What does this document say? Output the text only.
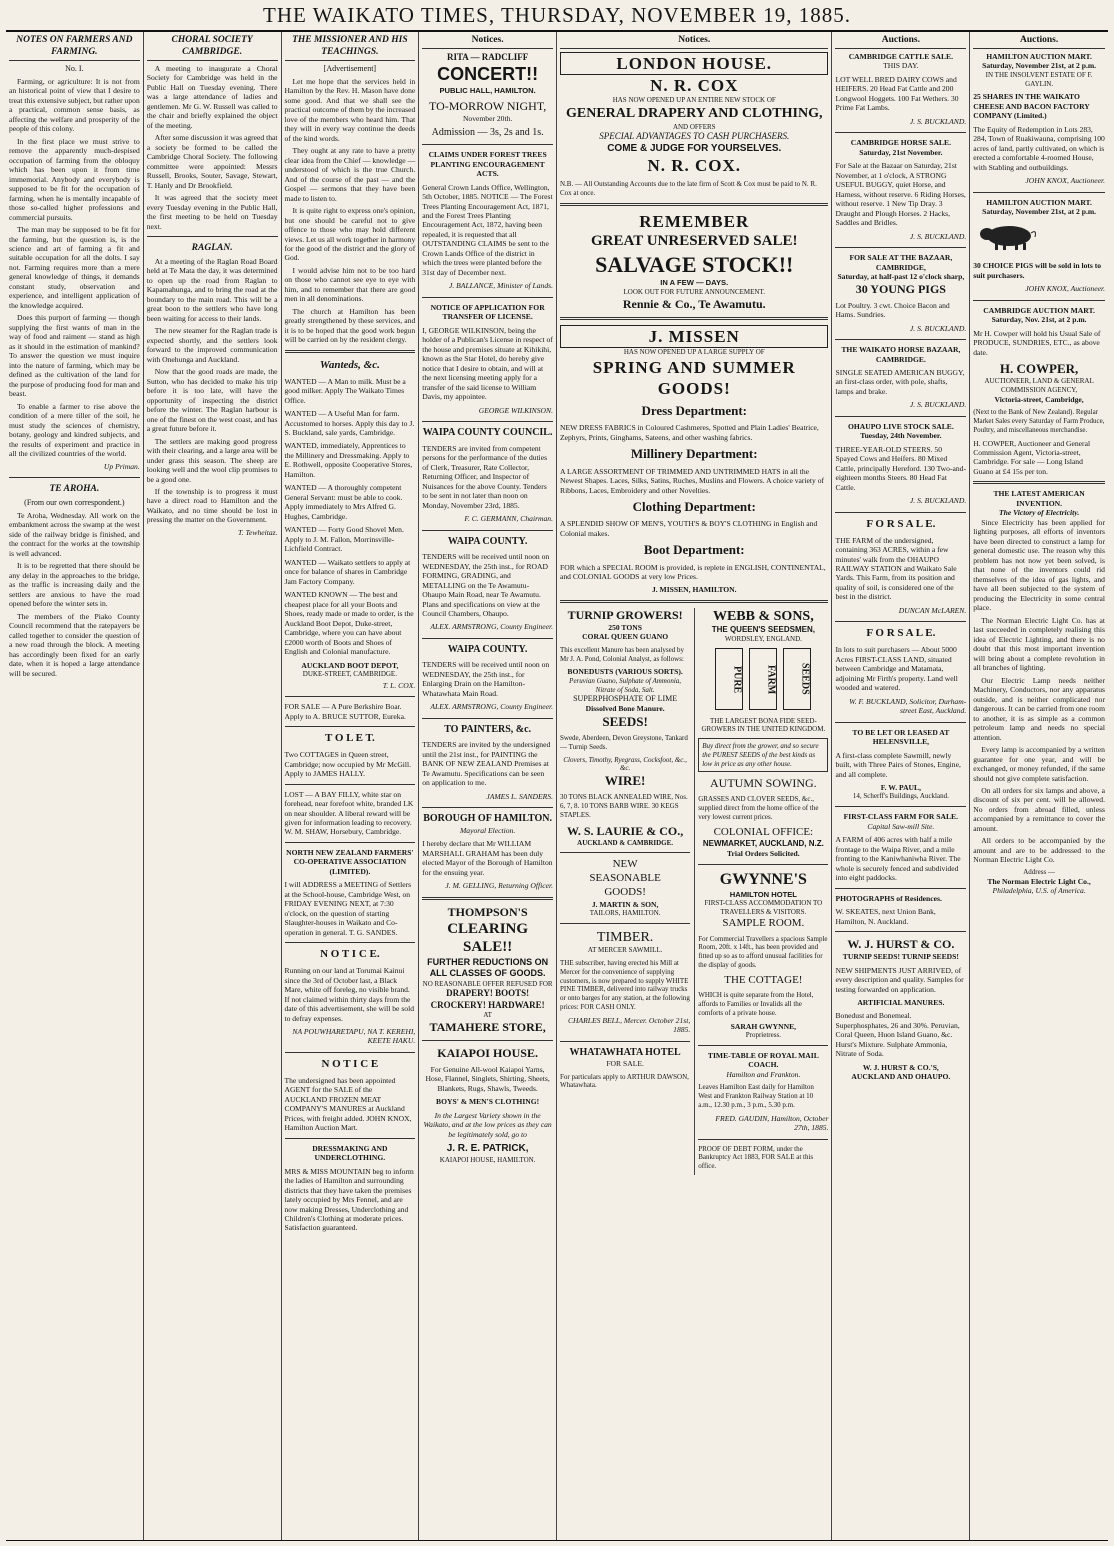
THE WAIKATO TIMES, THURSDAY, NOVEMBER 19, 1885.
NOTES ON FARMERS AND FARMING.
No. I.

Farming, or agriculture: It is not from an historical point of view that I desire to treat this extensive subject, but rather upon a practical, common sense basis, as affecting the welfare and prosperity of the people of this colony.

In the first place we must strive to remove the apparently much-despised occupation of farming from the obloquy which has been upon it from time immemorial. Anybody and everybody is supposed to be fit for the occupation of farming, when he is mentally incapable of those so-called higher professions and commercial pursuits.

The man may be supposed to be fit for the farming, but the question is, is the science and art of farming a fit and suitable occupation for all the dolts. I say not. Farming requires more than a mere general knowledge of things, it demands constant study, observation and experience, and intelligent application of the knowledge acquired.

Does this purport of farming — though supplying the first wants of man in the way of food and raiment — stand as high as it should in the estimation of mankind? To answer the question we must inquire into the nature of farming, which may be defined as the cultivation of the land for the purpose of producing food for man and beast.

To enable a farmer to rise above the condition of a mere tiller of the soil, he must study the sciences of chemistry, botany, geology and kindred subjects, and the results of experiment and practice in all the civilized countries of the world.

Up Priman.
TE AROHA.
(From our own correspondent.)

Te Aroha, Wednesday. All work on the embankment across the swamp at the west side of the railway bridge is finished, and the contract for the works at the township is well advanced.

It is to be regretted that there should be any delay in the approaches to the bridge, as the traffic is increasing daily and the settlers are anxious to have the road opened before the winter sets in.

The members of the Piako County Council recommend that the ratepayers be called together to consider the question of a new road through the block. A meeting has accordingly been fixed for an early date, when it is hoped a large attendance will be secured.

CHORAL SOCIETY CAMBRIDGE.

A meeting to inaugurate a Choral Society for Cambridge was held in the Public Hall on Tuesday evening. There was a large attendance of ladies and gentlemen. Mr G. W. Russell was called to the chair and briefly explained the object of the meeting.

After some discussion it was agreed that a society be formed to be called the Cambridge Choral Society. The following committee were appointed: Messrs Russell, Brooks, Souter, Savage, Stewart, T. Hanly and Dr Brookfield.

It was agreed that the society meet every Tuesday evening in the Public Hall, the first meeting to be held on Tuesday next.

RAGLAN.

At a meeting of the Raglan Road Board held at Te Mata the day, it was determined to open up the road from Raglan to Kapamahunga, and to bring the road at the boundary to the main road. This will be a great boon to the settlers who have long been waiting for access to their lands.

The new steamer for the Raglan trade is expected shortly, and the settlers look forward to the improved communication with Onehunga and Auckland.

Now that the good roads are made, the Sutton, who has decided to make his trip before it is too late, will have the opportunity of inspecting the district before the winter. The Raglan harbour is one of the finest on the west coast, and has a great future before it.

The settlers are making good progress with their clearing, and a large area will be under grass this season. The sheep are looking well and the wool clip promises to be a good one.

If the township is to progress it must have a direct road to Hamilton and the Waikato, and no time should be lost in pressing the matter on the Government.

T. Tewheitaz.
THE MISSIONER AND HIS TEACHINGS.
[Advertisement]

Let me hope that the services held in Hamilton by the Rev. H. Mason have done some good. And that we shall see the practical outcome of them by the increased love of the members who heard him. That they will in every way continue the deeds of the kind words.

They ought at any rate to have a pretty clear idea from the Chief — knowledge — understood of which is the true Church. And of the course of the past — and the Gospel — sermons that they have been made to listen to.

It is quite right to express one's opinion, but one should be careful not to give offence to those who may hold different views. Let us all work together in harmony for the good of the district and the glory of God.

I would advise him not to be too hard on those who cannot see eye to eye with him, and to remember that there are good men in all denominations.

The church at Hamilton has been greatly strengthened by these services, and it is to be hoped that the good work begun will be carried on by the resident clergy.

Wanteds, &c.
WANTED — A Man to milk. Must be a good milker. Apply The Waikato Times Office.
WANTED — A Useful Man for farm. Accustomed to horses. Apply this day to J. S. Buckland, sale yards, Cambridge.
WANTED, immediately, Apprentices to the Millinery and Dressmaking. Apply to E. Rothwell, opposite Cooperative Stores, Hamilton.
WANTED — A thoroughly competent General Servant: must be able to cook. Apply immediately to Mrs Alfred G. Hughes, Cambridge.
WANTED — Forty Good Shovel Men. Apply to J. M. Fallon, Morrinsville-Lichfield Contract.
WANTED — Waikato settlers to apply at once for balance of shares in Cambridge Jam Factory Company.
WANTED KNOWN — The best and cheapest place for all your Boots and Shoes, ready made or made to order, is the Auckland Boot Depot, Duke-street, Cambridge, where you can have about £2000 worth of Boots and Shoes of English and Colonial manufacture.
AUCKLAND BOOT DEPOT,
DUKE-STREET, CAMBRIDGE.
T. L. COX.
FOR SALE — A Pure Berkshire Boar. Apply to A. BRUCE SUTTOR, Eureka.
T O L E T.
Two COTTAGES in Queen street, Cambridge; now occupied by Mr McGill. Apply to JAMES HALLY.
LOST — A BAY FILLY, white star on forehead, near forefoot white, branded LK on near shoulder. A liberal reward will be given for information leading to recovery. W. M. SHAW, Horsebury, Cambridge.
NORTH NEW ZEALAND FARMERS' CO-OPERATIVE ASSOCIATION (LIMITED).
I will ADDRESS a MEETING of Settlers at the School-house, Cambridge West, on FRIDAY EVENING NEXT, at 7:30 o'clock, on the question of starting Slaughter-houses in Waikato and Co-operation in general. T. G. SANDES.
N O T I C E.
Running on our land at Torumai Kainui since the 3rd of October last, a Black Mare, white off foreleg, no visible brand. If not claimed within thirty days from the date of this advertisement, she will be sold to defray expenses.
NA POUWHARETAPU, NA T. KEREHI, KEETE HAKU.
N O T I C E
The undersigned has been appointed AGENT for the SALE of the AUCKLAND FROZEN MEAT COMPANY'S MANURES at Auckland Prices, with freight added. JOHN KNOX, Hamilton Auction Mart.
DRESSMAKING AND UNDERCLOTHING.
MRS & MISS MOUNTAIN beg to inform the ladies of Hamilton and surrounding districts that they have taken the premises lately occupied by Mrs Fennel, and are now making Dresses, Underclothing and Children's Clothing at moderate prices. Satisfaction guaranteed.
Notices.
RITA — RADCLIFF
CONCERT!!
PUBLIC HALL, HAMILTON.
TO-MORROW NIGHT,
November 20th.
Admission — 3s, 2s and 1s.
CLAIMS UNDER FOREST TREES PLANTING ENCOURAGEMENT ACTS.
General Crown Lands Office, Wellington, 5th October, 1885. NOTICE — The Forest Trees Planting Encouragement Act, 1871, and the Forest Trees Planting Encouragement Act, 1872, having been repealed, it is requested that all OUTSTANDING CLAIMS be sent to the Crown Lands Office of the district in which the trees were planted before the 31st day of December next.
J. BALLANCE, Minister of Lands.
NOTICE OF APPLICATION FOR TRANSFER OF LICENSE.
I, GEORGE WILKINSON, being the holder of a Publican's License in respect of the house and premises situate at Kihikihi, known as the Star Hotel, do hereby give notice that I desire to obtain, and will at the next licensing meeting apply for a transfer of the said license to William Davis, my appointee.
GEORGE WILKINSON.
WAIPA COUNTY COUNCIL.
TENDERS are invited from competent persons for the performance of the duties of Clerk, Treasurer, Rate Collector, Returning Officer, and Inspector of Nuisances for the above County. Tenders to be sent in not later than noon on Monday, November 23rd, 1885.
F. C. GERMANN, Chairman.
WAIPA COUNTY.
TENDERS will be received until noon on WEDNESDAY, the 25th inst., for ROAD FORMING, GRADING, and METALLING on the Te Awamutu-Ohaupo Main Road, near Te Awamutu. Plans and specifications on view at the Council Chambers, Ohaupo.
ALEX. ARMSTRONG, County Engineer.
WAIPA COUNTY.
TENDERS will be received until noon on WEDNESDAY, the 25th inst., for Enlarging Drain on the Hamilton-Whatawhata Main Road.
ALEX. ARMSTRONG, County Engineer.
TO PAINTERS, &c.
TENDERS are invited by the undersigned until the 21st inst., for PAINTING the BANK OF NEW ZEALAND Premises at Te Awamutu. Specifications can be seen on application to me.
JAMES L. SANDERS.
BOROUGH OF HAMILTON.
Mayoral Election.
I hereby declare that Mr WILLIAM MARSHALL GRAHAM has been duly elected Mayor of the Borough of Hamilton for the ensuing year.
J. M. GELLING, Returning Officer.
THOMPSON'S
CLEARING SALE!!
FURTHER REDUCTIONS ON ALL CLASSES OF GOODS.
NO REASONABLE OFFER REFUSED FOR
DRAPERY! BOOTS! CROCKERY! HARDWARE!
AT
TAMAHERE STORE,
KAIAPOI HOUSE.
For Genuine All-wool Kaiapoi Yarns, Hose, Flannel, Singlets, Shirting, Sheets, Blankets, Rugs, Shawls, Tweeds.
BOYS' & MEN'S CLOTHING!
In the Largest Variety shown in the Waikato, and at the low prices as they can be legitimately sold, go to
J. R. E. PATRICK,
KAIAPOI HOUSE, HAMILTON.
Notices.
LONDON HOUSE.
N. R. COX
HAS NOW OPENED UP AN ENTIRE NEW STOCK OF
GENERAL DRAPERY AND CLOTHING,
AND OFFERS
SPECIAL ADVANTAGES TO CASH PURCHASERS.
COME & JUDGE FOR YOURSELVES.
N. R. COX.
N.B. — All Outstanding Accounts due to the late firm of Scott & Cox must be paid to N. R. Cox at once.
REMEMBER
GREAT UNRESERVED SALE!
SALVAGE STOCK!!
IN A FEW — DAYS.
LOOK OUT FOR FUTURE ANNOUNCEMENT.
Rennie & Co., Te Awamutu.
J. MISSEN
HAS NOW OPENED UP A LARGE SUPPLY OF
SPRING AND SUMMER GOODS!
Dress Department:
NEW DRESS FABRICS in Coloured Cashmeres, Spotted and Plain Ladies' Beatrice, Zephyrs, Prints, Ginghams, Sateens, and other washing fabrics.
Millinery Department:
A LARGE ASSORTMENT OF TRIMMED AND UNTRIMMED HATS in all the Newest Shapes. Laces, Silks, Satins, Ruches, Muslins and Flowers. A choice variety of Ribbons, Laces, Embroidery and other Novelties.
Clothing Department:
A SPLENDID SHOW OF MEN'S, YOUTH'S & BOY'S CLOTHING in English and Colonial makes.
Boot Department:
FOR which a SPECIAL ROOM is provided, is replete in ENGLISH, CONTINENTAL, and COLONIAL GOODS at very low Prices.
J. MISSEN, HAMILTON.
TURNIP GROWERS!
250 TONS
CORAL QUEEN GUANO
This excellent Manure has been analysed by Mr J. A. Pond, Colonial Analyst, as follows:
BONEDUSTS (VARIOUS SORTS).
Peruvian Guano, Sulphate of Ammonia, Nitrate of Soda, Salt.
SUPERPHOSPHATE OF LIME
Dissolved Bone Manure.
SEEDS!
Swede, Aberdeen, Devon Greystone, Tankard — Turnip Seeds.
Clovers, Timothy, Ryegrass, Cocksfoot, &c., &c.
WIRE!
30 TONS BLACK ANNEALED WIRE, Nos. 6, 7, 8. 10 TONS BARB WIRE. 30 KEGS STAPLES.
W. S. LAURIE & CO.,
AUCKLAND & CAMBRIDGE.
NEW
SEASONABLE
GOODS!
J. MARTIN & SON,
TAILORS, HAMILTON.
TIMBER.
AT MERCER SAWMILL.
THE subscriber, having erected his Mill at Mercer for the convenience of supplying customers, is now prepared to supply WHITE PINE TIMBER, delivered into railway trucks or onto barges for any station, at the following prices: FOR CASH ONLY.
CHARLES BELL, Mercer. October 21st, 1885.
WHATAWHATA HOTEL
FOR SALE.
For particulars apply to ARTHUR DAWSON, Whatawhata.
WEBB & SONS,
THE QUEEN'S SEEDSMEN,
WORDSLEY, ENGLAND.
PURE FARM SEEDS
THE LARGEST BONA FIDE SEED-GROWERS IN THE UNITED KINGDOM.
Buy direct from the grower, and so secure the PUREST SEEDS of the best kinds as low in price as any other house.
AUTUMN SOWING.
GRASSES AND CLOVER SEEDS, &c., supplied direct from the home office of the very lowest current prices.
COLONIAL OFFICE:
NEWMARKET, AUCKLAND, N.Z.
Trial Orders Solicited.
GWYNNE'S
HAMILTON HOTEL
FIRST-CLASS ACCOMMODATION TO TRAVELLERS & VISITORS.
SAMPLE ROOM.
For Commercial Travellers a spacious Sample Room, 20ft. x 14ft., has been provided and fitted up so as to afford unusual facilities for the display of goods.
THE COTTAGE!
WHICH is quite separate from the Hotel, affords to Families or Invalids all the comforts of a private house.
SARAH GWYNNE,
Proprietress.
TIME-TABLE OF ROYAL MAIL COACH.
Hamilton and Frankton.
Leaves Hamilton East daily for Hamilton West and Frankton Railway Station at 10 a.m., 12.30 p.m., 3 p.m., 5.30 p.m.
FRED. GAUDIN, Hamilton, October 27th, 1885.
PROOF OF DEBT FORM, under the Bankruptcy Act 1883, FOR SALE at this office.
Auctions.
CAMBRIDGE CATTLE SALE.
THIS DAY.
LOT WELL BRED DAIRY COWS and HEIFERS. 20 Head Fat Cattle and 200 Longwool Hoggets. 100 Fat Wethers. 30 Prime Fat Lambs.
J. S. BUCKLAND.
CAMBRIDGE HORSE SALE.
Saturday, 21st November.
For Sale at the Bazaar on Saturday, 21st November, at 1 o'clock, A STRONG USEFUL BUGGY, quiet Horse, and Harness, without reserve. 6 Riding Horses, without reserve. 1 New Tip Dray. 3 Draught and Plough Horses. 2 Hacks, Saddles and Bridles.
J. S. BUCKLAND.
FOR SALE AT THE BAZAAR, CAMBRIDGE,
Saturday, at half-past 12 o'clock sharp,
30 YOUNG PIGS
Lot Poultry. 3 cwt. Choice Bacon and Hams. Sundries.
J. S. BUCKLAND.
THE WAIKATO HORSE BAZAAR, CAMBRIDGE.
SINGLE SEATED AMERICAN BUGGY, an first-class order, with pole, shafts, lamps and brake.
J. S. BUCKLAND.
OHAUPO LIVE STOCK SALE.
Tuesday, 24th November.
THREE-YEAR-OLD STEERS. 50 Spayed Cows and Heifers. 80 Mixed Cattle, principally Hereford. 130 Two-and-eighteen months Steers. 80 Head Fat Cattle.
J. S. BUCKLAND.
F O R S A L E.
THE FARM of the undersigned, containing 363 ACRES, within a few minutes' walk from the OHAUPO RAILWAY STATION and Waikato Sale Yards. This Farm, from its position and quality of soil, is considered one of the best in the district.
DUNCAN McLAREN.
F O R S A L E.
In lots to suit purchasers — About 5000 Acres FIRST-CLASS LAND, situated between Cambridge and Matamata, adjoining Mr Firth's property. Land well wooded and watered.
W. F. BUCKLAND, Solicitor, Durham-street East, Auckland.
TO BE LET OR LEASED AT HELENSVILLE,
A first-class complete Sawmill, newly built, with Three Pairs of Stones, Engine, and all complete.
F. W. PAUL,
14, Scherff's Buildings, Auckland.
FIRST-CLASS FARM FOR SALE.
Capital Saw-mill Site.
A FARM of 406 acres with half a mile frontage to the Waipa River, and a mile fronting to the Kaniwhaniwha River. The whole is securely fenced and subdivided into eight paddocks.
PHOTOGRAPHS of Residences.
W. SKEATES, next Union Bank, Hamilton, N. Auckland.
W. J. HURST & CO.
TURNIP SEEDS! TURNIP SEEDS!
NEW SHIPMENTS JUST ARRIVED, of every description and quality. Samples for testing forwarded on application.
ARTIFICIAL MANURES.
Bonedust and Bonemeal. Superphosphates, 26 and 30%. Peruvian, Coral Queen, Huon Island Guano, &c. Hurst's Mixture. Sulphate Ammonia, Nitrate of Soda.
W. J. HURST & CO.'S,
AUCKLAND AND OHAUPO.
Auctions.
HAMILTON AUCTION MART.
Saturday, November 21st, at 2 p.m.
IN THE INSOLVENT ESTATE OF F. GAYLIN.
25 SHARES IN THE WAIKATO CHEESE AND BACON FACTORY COMPANY (Limited.)
The Equity of Redemption in Lots 283, 284, Town of Ruakiwauna, comprising 100 acres of land, partly cultivated, on which is erected a comfortable 4-roomed House, with Stabling and outbuildings.
JOHN KNOX, Auctioneer.
HAMILTON AUCTION MART.
Saturday, November 21st, at 2 p.m.
30 CHOICE PIGS will be sold in lots to suit purchasers.
JOHN KNOX, Auctioneer.
CAMBRIDGE AUCTION MART.
Saturday, Nov. 21st, at 2 p.m.
Mr H. Cowper will hold his Usual Sale of PRODUCE, SUNDRIES, ETC., as above date.
H. COWPER,
AUCTIONEER, LAND & GENERAL COMMISSION AGENCY,
Victoria-street, Cambridge,
(Next to the Bank of New Zealand). Regular Market Sales every Saturday of Farm Produce, Poultry, and miscellaneous merchandise.
H. COWPER, Auctioneer and General Commission Agent, Victoria-street, Cambridge. For sale — Long Island Guano at £4 15s per ton.
THE LATEST AMERICAN INVENTION.
The Victory of Electricity.

Since Electricity has been applied for lighting purposes, all efforts of inventors have been directed to construct a lamp for general domestic use. The reason why this problem has not now yet been solved, is that none of the inventors could rid themselves of the idea of gas lights, and have all been subjected to the system of producing the Electricity in some central place.

The Norman Electric Light Co. has at last succeeded in completely realising this idea of Electric Lighting, and there is no doubt that this most important invention will bring about a complete revolution in all branches of lighting.

Our Electric Lamp needs neither Machinery, Conductors, nor any apparatus outside, and is neither complicated nor dangerous. It can be carried from one room to another, it is as simple as a common petroleum lamp and needs no special attention.

Every lamp is accompanied by a written guarantee for one year, and will be exchanged, or money refunded, if the same should not give complete satisfaction.

On all orders for six lamps and above, a discount of six per cent. will be allowed. No orders from abroad filled, unless accompanied by a remittance to cover the amount.

All orders to be accompanied by the amount and are to be addressed to the Norman Electric Light Co.

Address —
The Norman Electric Light Co.,
Philadelphia, U.S. of America.
